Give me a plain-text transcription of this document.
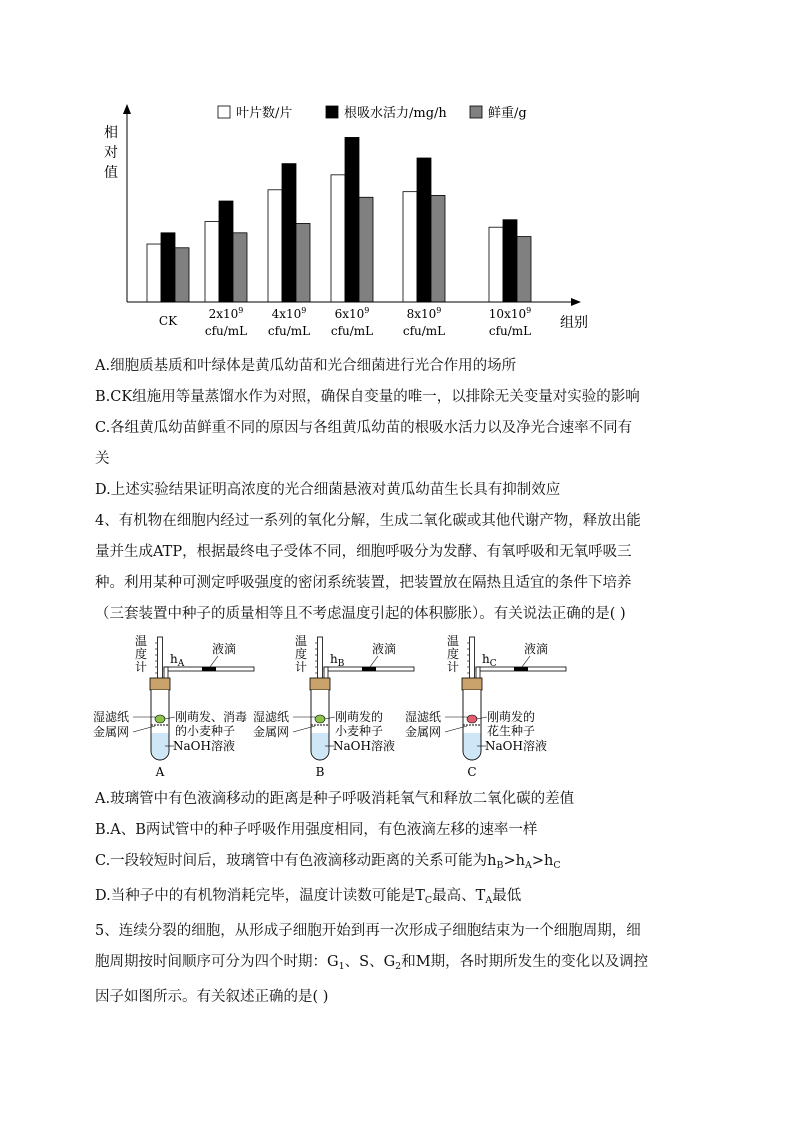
叶片数/片	根吸水活力/mg/h	鲜重/g
相
对
值
CK	$2x10^9$
cfu/mL
$4x10^9$
cfu/mL
$6x10^9$
cfu/mL
$8x10^9$
cfu/mL
$10x10^9$
cfu/mL 组别
A.细胞质基质和叶绿体是黄瓜幼苗和光合细菌进行光合作用的场所
B.CK组施用等量蒸馏水作为对照，确保自变量的唯一，以排除无关变量对实验的影响
C.各组黄瓜幼苗鲜重不同的原因与各组黄瓜幼苗的根吸水活力以及净光合速率不同有
关
D.上述实验结果证明高浓度的光合细菌悬液对黄瓜幼苗生长具有抑制效应
4、有机物在细胞内经过一系列的氧化分解，生成二氧化碳或其他代谢产物，释放出能
量并生成ATP，根据最终电子受体不同，细胞呼吸分为发酵、有氧呼吸和无氧呼吸三
种。利用某种可测定呼吸强度的密闭系统装置，把装置放在隔热且适宜的条件下培养
（三套装置中种子的质量相等且不考虑温度引起的体积膨胀）。有关说法正确的是( )
温
度
计
$h_A$
液滴
湿滤纸
金属网
刚萌发、消毒
的小麦种子
NaOH溶液
A
温
度
计
$h_B$
液滴
湿滤纸
金属网
刚萌发的
小麦种子
NaOH溶液
B
温
度
计
$h_C$
液滴
湿滤纸
金属网
刚萌发的
花生种子
NaOH溶液
C
A.玻璃管中有色液滴移动的距离是种子呼吸消耗氧气和释放二氧化碳的差值
B.A、B两试管中的种子呼吸作用强度相同，有色液滴左移的速率一样
C.一段较短时间后，玻璃管中有色液滴移动距离的关系可能为$h_B>h_A>h_C$
D.当种子中的有机物消耗完毕，温度计读数可能是$T_C$最高、$T_A$最低
5、连续分裂的细胞，从形成子细胞开始到再一次形成子细胞结束为一个细胞周期，细
胞周期按时间顺序可分为四个时期：$G_1$、S、$G_2$和M期，各时期所发生的变化以及调控
因子如图所示。有关叙述正确的是( )
